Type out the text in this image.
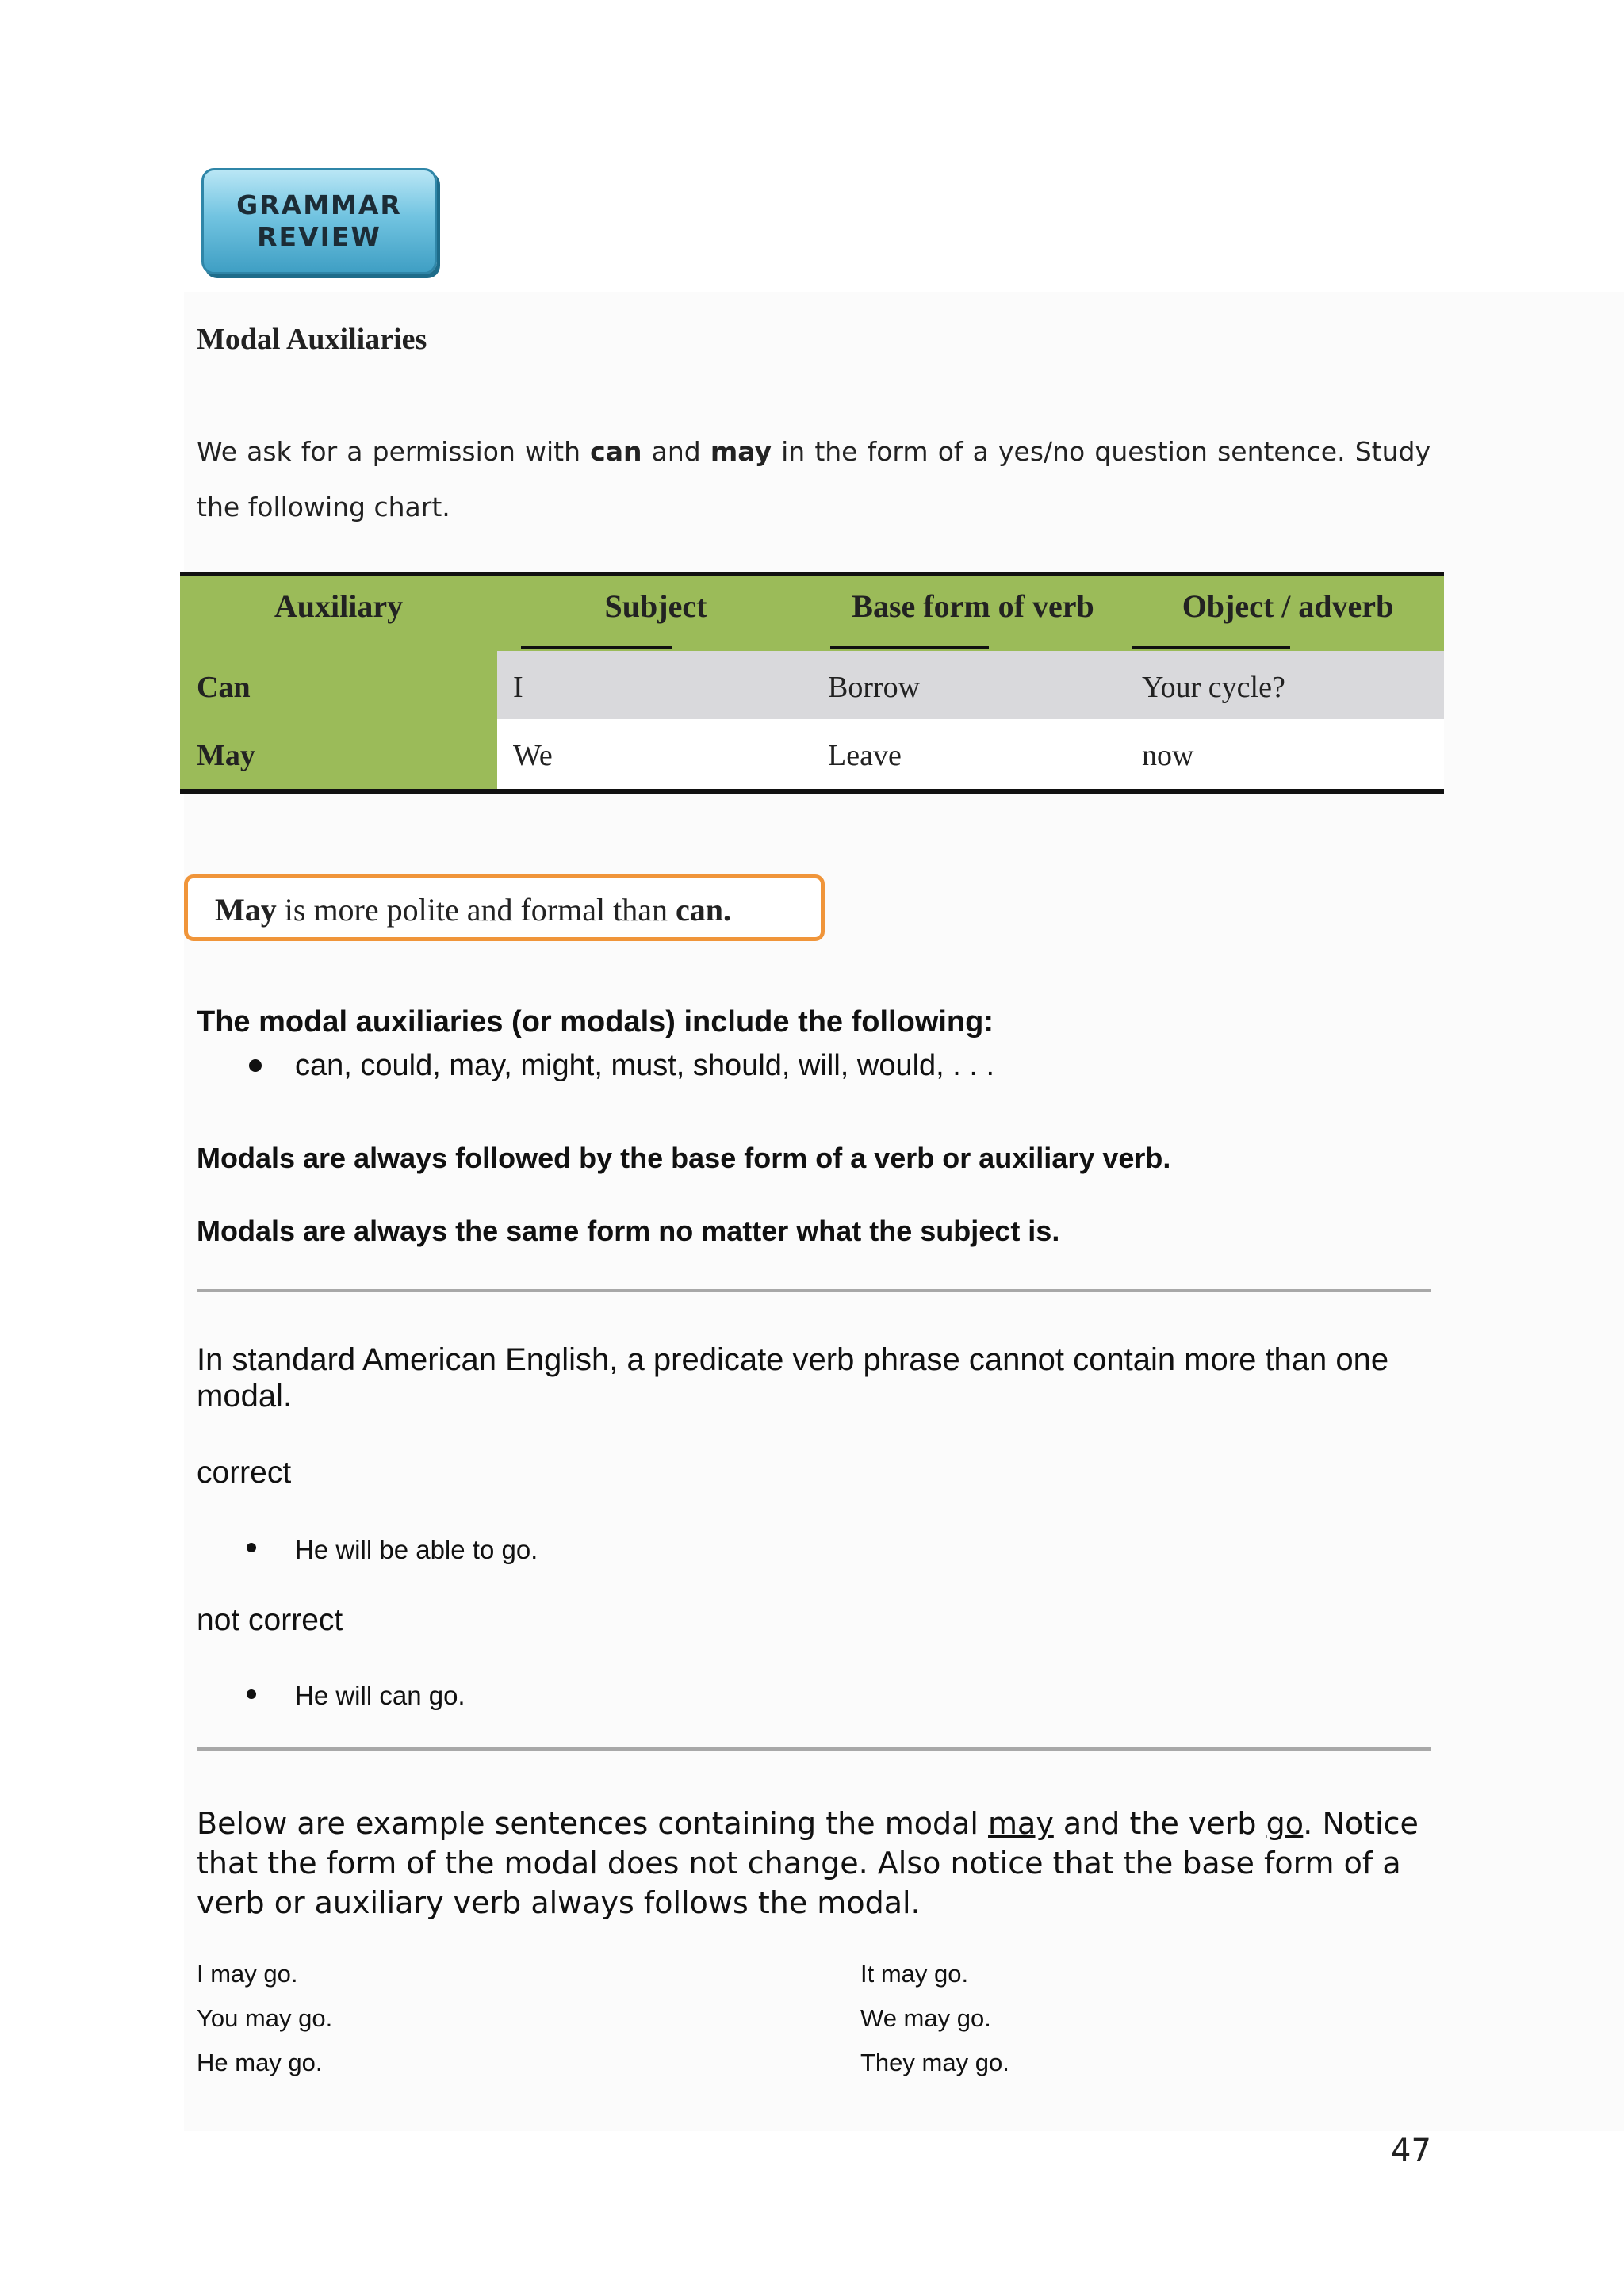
GRAMMAR
REVIEW
Modal Auxiliaries
We ask for a permission with can and may in the form of a yes/no question sentence. Study the following chart.
Auxiliary	Subject	Base form of verb	Object / adverb
Can	I	Borrow	Your cycle?
May	We	Leave	now
May is more polite and formal than can.
The modal auxiliaries (or modals) include the following:
can, could, may, might, must, should, will, would, . . .
Modals are always followed by the base form of a verb or auxiliary verb.
Modals are always the same form no matter what the subject is.
In standard American English, a predicate verb phrase cannot contain more than one modal.
correct
He will be able to go.
not correct
He will can go.
Below are example sentences containing the modal may and the verb go. Notice that the form of the modal does not change. Also notice that the base form of a verb or auxiliary verb always follows the modal.
I may go.
You may go.
He may go.
It may go.
We may go.
They may go.
47
